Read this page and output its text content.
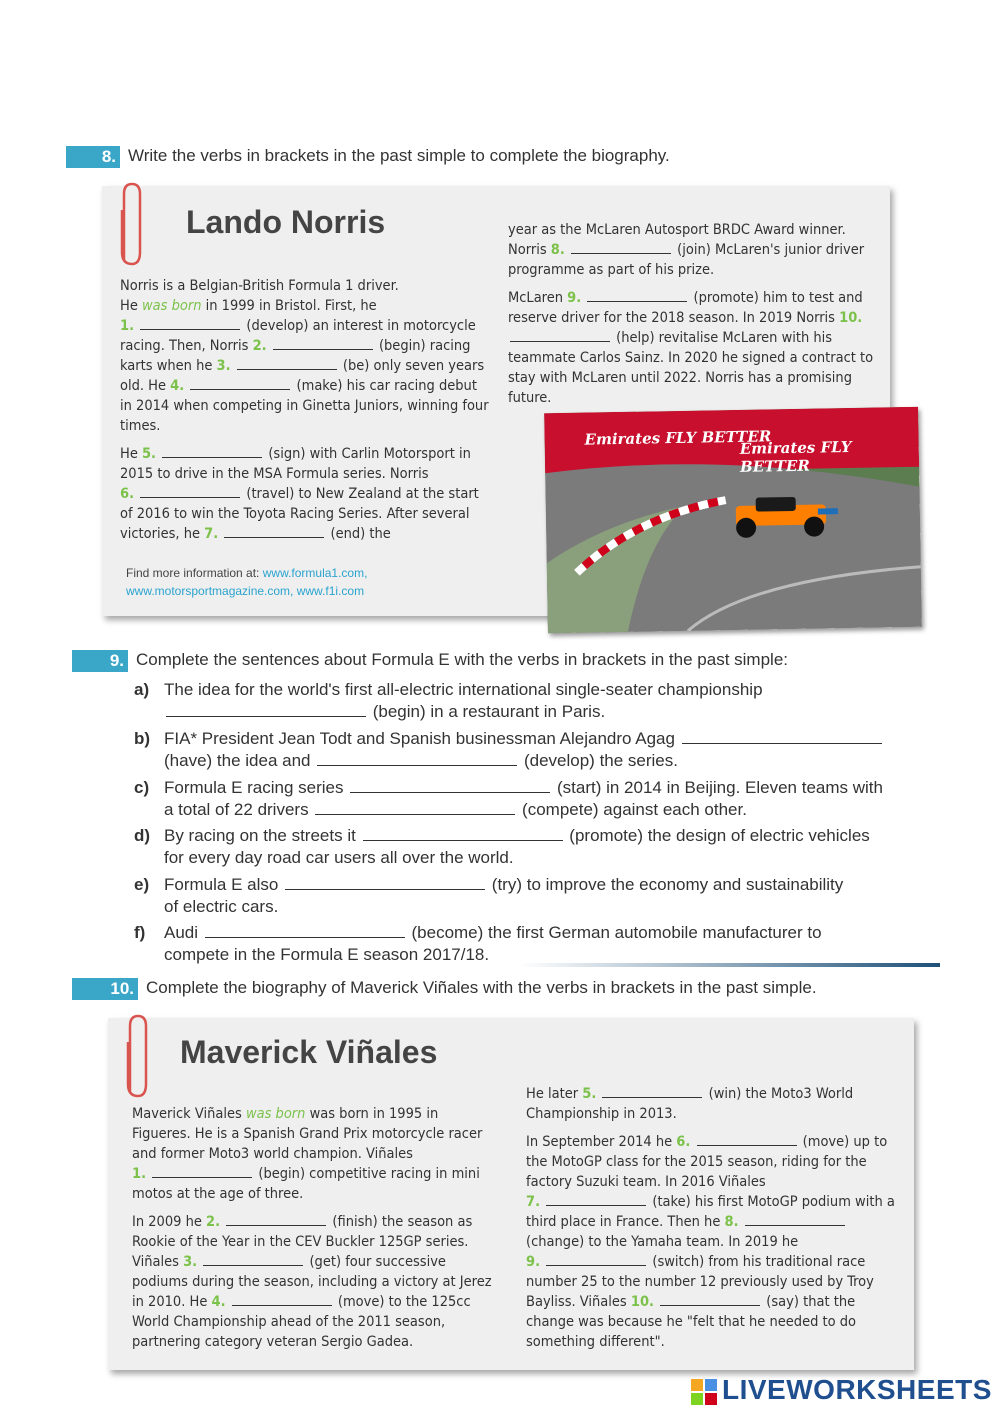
8. Write the verbs in brackets in the past simple to complete the biography.
Lando Norris

Norris is a Belgian-British Formula 1 driver.
He was born in 1999 in Bristol. First, he
1.	(develop) an interest in motorcycle racing. Then, Norris 2.	(begin) racing karts when he 3.	(be) only seven years old. He 4.	(make) his car racing debut in 2014 when competing in Ginetta Juniors, winning four times.

He 5.	(sign) with Carlin Motorsport in 2015 to drive in the MSA Formula series. Norris
6.	(travel) to New Zealand at the start of 2016 to win the Toyota Racing Series. After several victories, he 7.	(end) the

year as the McLaren Autosport BRDC Award winner. Norris 8.	(join) McLaren's junior driver programme as part of his prize.

McLaren 9.	(promote) him to test and reserve driver for the 2018 season. In 2019 Norris 10.  (help) revitalise McLaren with his teammate Carlos Sainz. In 2020 he signed a contract to stay with McLaren until 2022. Norris has a promising future.

Find more information at: www.formula1.com,
www.motorsportmagazine.com, www.f1i.com
Emirates FLY BETTER
Emirates FLY BETTER
9. Complete the sentences about Formula E with the verbs in brackets in the past simple:
a) The idea for the world's first all-electric international single-seater championship
(begin) in a restaurant in Paris.
b) FIA* President Jean Todt and Spanish businessman Alejandro Agag
(have) the idea and	(develop) the series.
c) Formula E racing series	(start) in 2014 in Beijing. Eleven teams with
a total of 22 drivers	(compete) against each other.
d) By racing on the streets it	(promote) the design of electric vehicles
for every day road car users all over the world.
e) Formula E also	(try) to improve the economy and sustainability
of electric cars.
f) Audi	(become) the first German automobile manufacturer to
compete in the Formula E season 2017/18.
10. Complete the biography of Maverick Viñales with the verbs in brackets in the past simple.
Maverick Viñales

Maverick Viñales was born was born in 1995 in Figueres. He is a Spanish Grand Prix motorcycle racer and former Moto3 world champion. Viñales
1.	(begin) competitive racing in mini motos at the age of three.

In 2009 he 2.	(finish) the season as Rookie of the Year in the CEV Buckler 125GP series. Viñales 3.	(get) four successive podiums during the season, including a victory at Jerez in 2010. He 4.	(move) to the 125cc World Championship ahead of the 2011 season, partnering category veteran Sergio Gadea.

He later 5.	(win) the Moto3 World Championship in 2013.

In September 2014 he 6.	(move) up to the MotoGP class for the 2015 season, riding for the factory Suzuki team. In 2016 Viñales
7.	(take) his first MotoGP podium with a third place in France. Then he 8.  (change) to the Yamaha team. In 2019 he
9.	(switch) from his traditional race number 25 to the number 12 previously used by Troy Bayliss. Viñales 10.	(say) that the change was because he "felt that he needed to do something different".

LIVEWORKSHEETS
